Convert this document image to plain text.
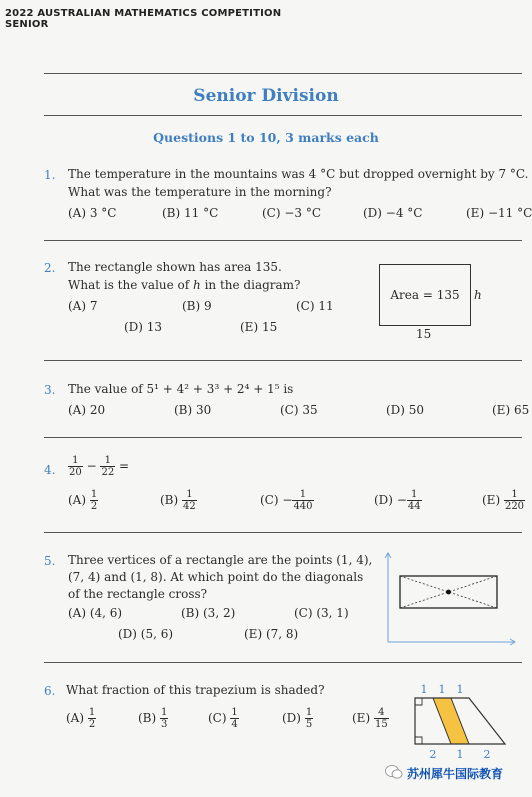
2022 AUSTRALIAN MATHEMATICS COMPETITION
SENIOR
Senior Division
Questions 1 to 10, 3 marks each
1. The temperature in the mountains was 4 °C but dropped overnight by 7 °C.
What was the temperature in the morning?
(A) 3 °C	(B) 11 °C	(C) −3 °C	(D) −4 °C	(E) −11 °C
2. The rectangle shown has area 135.
What is the value of h in the diagram?
(A) 7	(B) 9	(C) 11
(D) 13	(E) 15
Area = 135	h
15
3. The value of 5¹ + 4² + 3³ + 2⁴ + 1⁵ is
(A) 20	(B) 30	(C) 35	(D) 50	(E) 65
4. $\frac{1}{20} - \frac{1}{22}$ =
$(A) \frac{1}{2}$	$(B) \frac{1}{42}$	$(C) - \frac{1}{440}$	$(D) - \frac{1}{44}$	$(E) \frac{1}{220}$
5. Three vertices of a rectangle are the points (1, 4),
(7, 4) and (1, 8). At which point do the diagonals
of the rectangle cross?
(A) (4, 6)	(B) (3, 2)	(C) (3, 1)
(D) (5, 6)	(E) (7, 8)
6. What fraction of this trapezium is shaded?
$(A) \frac{1}{2}$	$(B) \frac{1}{3}$	$(C) \frac{1}{4}$	$(D) \frac{1}{5}$	$(E) \frac{4}{15}$
1 1 1
2 1 2
苏州犀牛国际教育
